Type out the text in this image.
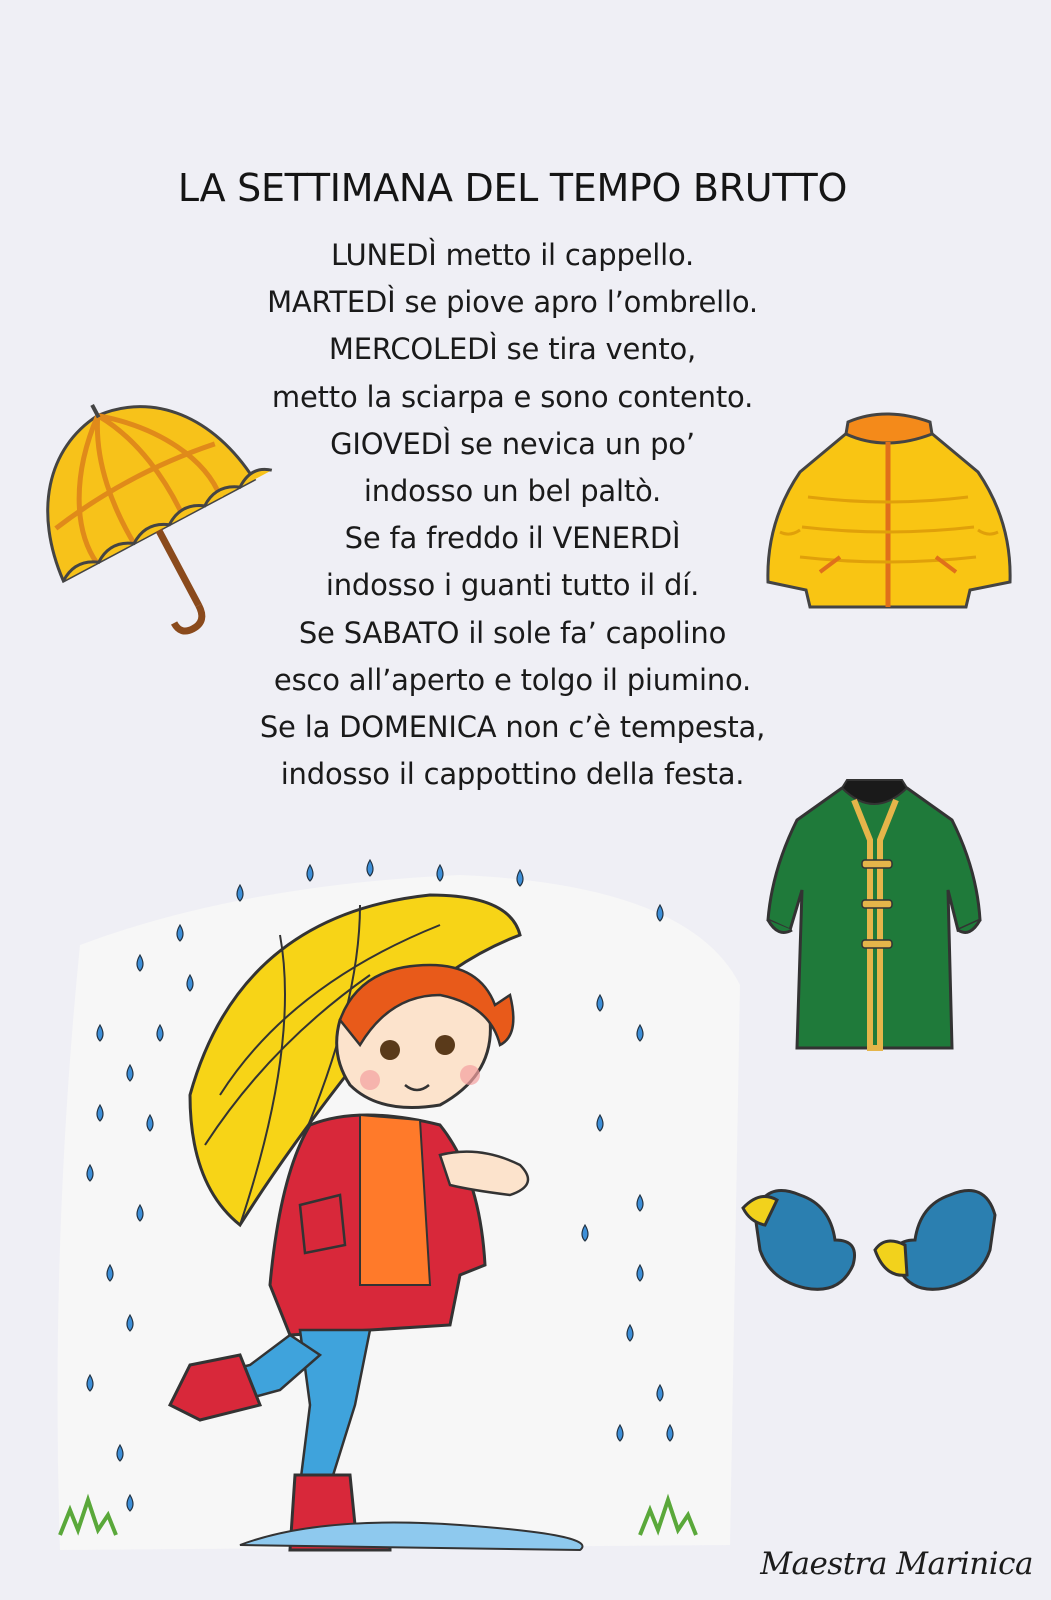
LA SETTIMANA DEL TEMPO BRUTTO
LUNEDÌ metto il cappello.
MARTEDÌ se piove apro l’ombrello.
MERCOLEDÌ se tira vento,
metto la sciarpa e sono contento.
GIOVEDÌ se nevica un po’
indosso un bel paltò.
Se fa freddo il VENERDÌ
indosso i guanti tutto il dí.
Se SABATO il sole fa’ capolino
esco all’aperto e tolgo il piumino.
Se la DOMENICA non c’è tempesta,
indosso il cappottino della festa.
Maestra Marinica
